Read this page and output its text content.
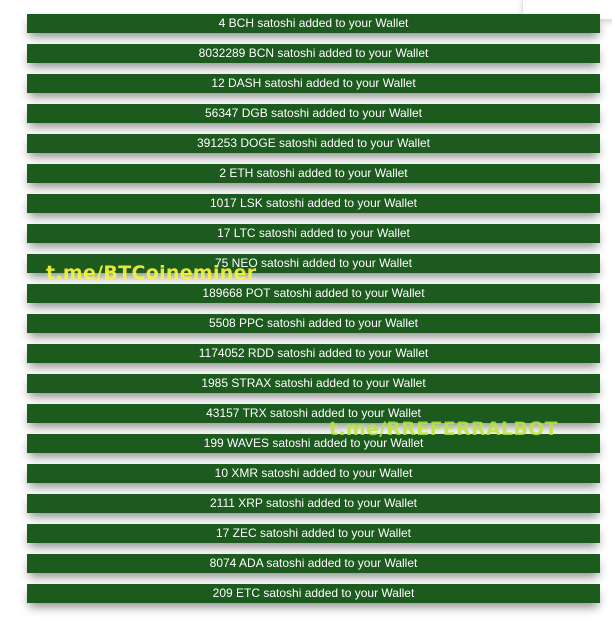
4 BCH satoshi added to your Wallet
8032289 BCN satoshi added to your Wallet
12 DASH satoshi added to your Wallet
56347 DGB satoshi added to your Wallet
391253 DOGE satoshi added to your Wallet
2 ETH satoshi added to your Wallet
1017 LSK satoshi added to your Wallet
17 LTC satoshi added to your Wallet
75 NEO satoshi added to your Wallet
189668 POT satoshi added to your Wallet
5508 PPC satoshi added to your Wallet
1174052 RDD satoshi added to your Wallet
1985 STRAX satoshi added to your Wallet
43157 TRX satoshi added to your Wallet
199 WAVES satoshi added to your Wallet
10 XMR satoshi added to your Wallet
2111 XRP satoshi added to your Wallet
17 ZEC satoshi added to your Wallet
8074 ADA satoshi added to your Wallet
209 ETC satoshi added to your Wallet
t.me/BTCoineminer
t.me/RREFERRALBOT
